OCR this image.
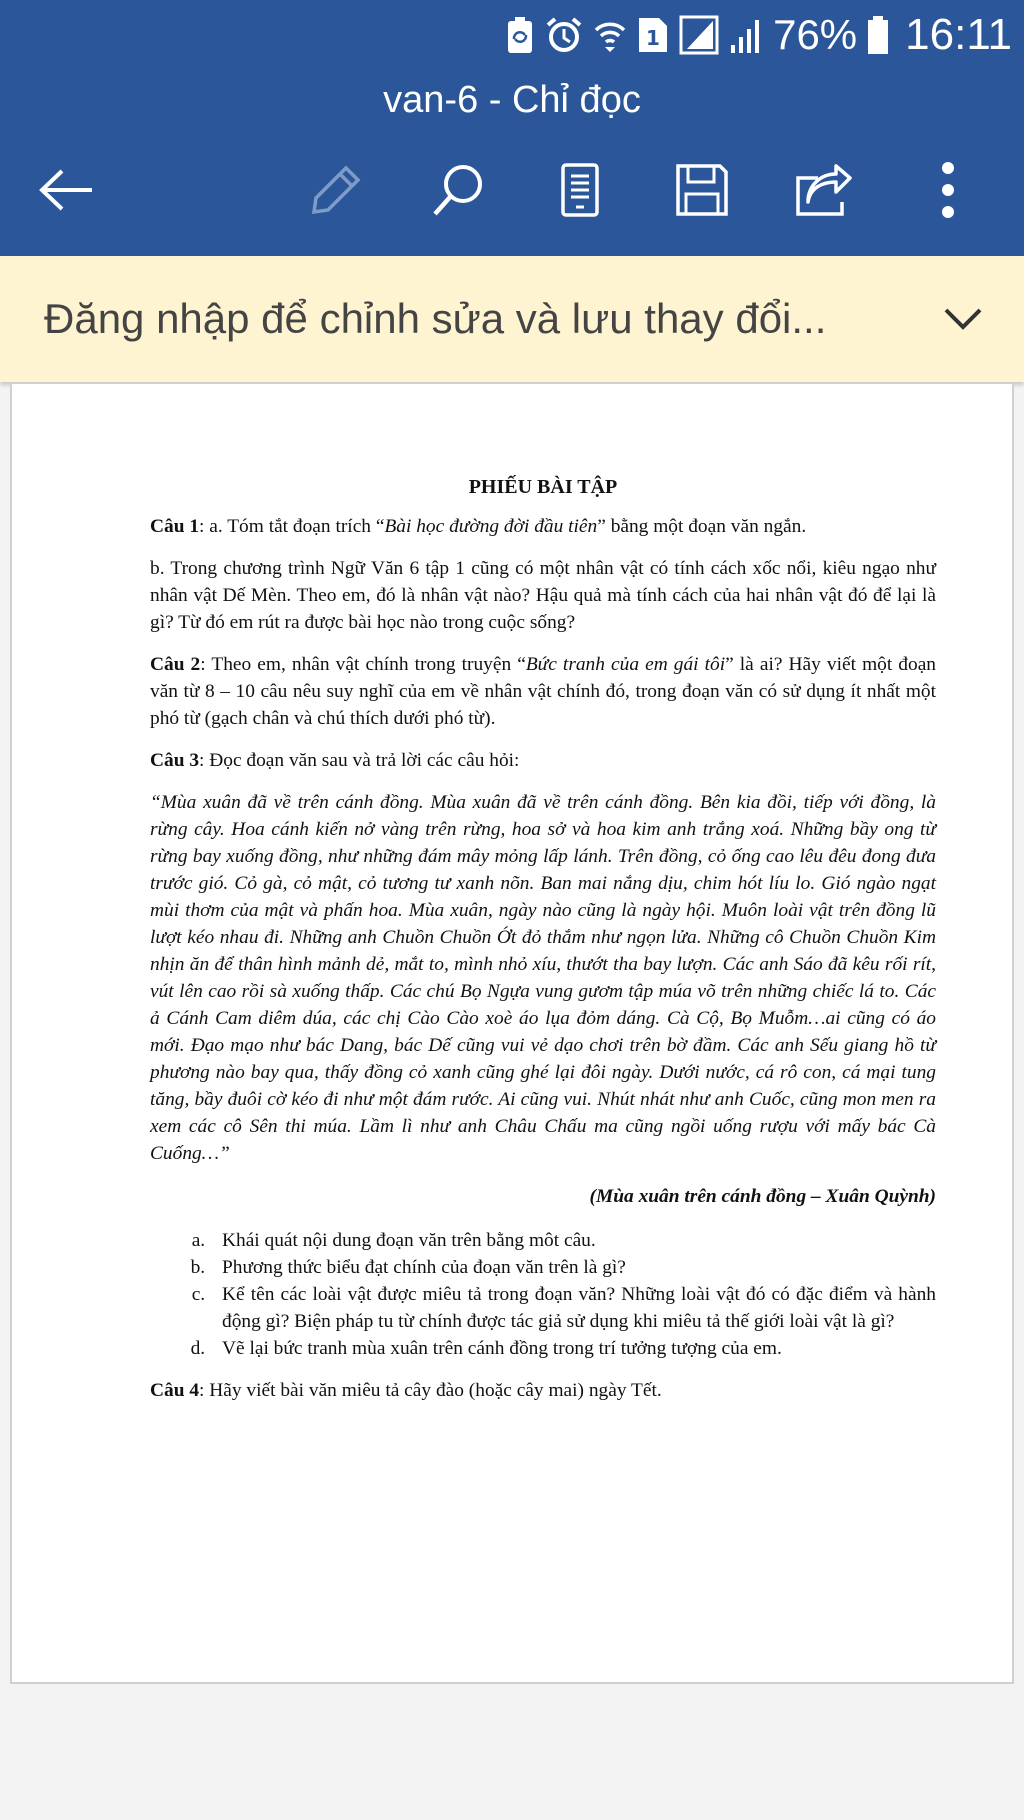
1	76% 16:11
van-6 - Chỉ đọc
Đăng nhập để chỉnh sửa và lưu thay đổi...

PHIẾU BÀI TẬP

Câu 1: a. Tóm tắt đoạn trích “Bài học đường đời đầu tiên” bằng một đoạn văn ngắn.

b. Trong chương trình Ngữ Văn 6 tập 1 cũng có một nhân vật có tính cách xốc nổi, kiêu ngạo như nhân vật Dế Mèn. Theo em, đó là nhân vật nào? Hậu quả mà tính cách của hai nhân vật đó để lại là gì? Từ đó em rút ra được bài học nào trong cuộc sống?

Câu 2: Theo em, nhân vật chính trong truyện “Bức tranh của em gái tôi” là ai? Hãy viết một đoạn văn từ 8 – 10 câu nêu suy nghĩ của em về nhân vật chính đó, trong đoạn văn có sử dụng ít nhất một phó từ (gạch chân và chú thích dưới phó từ).

Câu 3: Đọc đoạn văn sau và trả lời các câu hỏi:

“Mùa xuân đã về trên cánh đồng. Mùa xuân đã về trên cánh đồng. Bên kia đồi, tiếp với đồng, là rừng cây. Hoa cánh kiến nở vàng trên rừng, hoa sở và hoa kim anh trắng xoá. Những bầy ong từ rừng bay xuống đồng, như những đám mây mỏng lấp lánh. Trên đồng, cỏ ống cao lêu đêu đong đưa trước gió. Cỏ gà, cỏ mật, cỏ tương tư xanh nõn. Ban mai nắng dịu, chim hót líu lo. Gió ngào ngạt mùi thơm của mật và phấn hoa. Mùa xuân, ngày nào cũng là ngày hội. Muôn loài vật trên đồng lũ lượt kéo nhau đi. Những anh Chuồn Chuồn Ớt đỏ thắm như ngọn lửa. Những cô Chuồn Chuồn Kim nhịn ăn để thân hình mảnh dẻ, mắt to, mình nhỏ xíu, thướt tha bay lượn. Các anh Sáo đã kêu rối rít, vút lên cao rồi sà xuống thấp. Các chú Bọ Ngựa vung gươm tập múa võ trên những chiếc lá to. Các ả Cánh Cam diêm dúa, các chị Cào Cào xoè áo lụa đỏm dáng. Cà Cộ, Bọ Muỗm…ai cũng có áo mới. Đạo mạo như bác Dang, bác Dế cũng vui vẻ dạo chơi trên bờ đầm. Các anh Sếu giang hồ từ phương nào bay qua, thấy đồng cỏ xanh cũng ghé lại đôi ngày. Dưới nước, cá rô con, cá mại tung tăng, bầy đuôi cờ kéo đi như một đám rước. Ai cũng vui. Nhút nhát như anh Cuốc, cũng mon men ra xem các cô Sên thi múa. Lầm lì như anh Châu Chấu ma cũng ngồi uống rượu với mấy bác Cà Cuống…”

(Mùa xuân trên cánh đồng – Xuân Quỳnh)

a. Khái quát nội dung đoạn văn trên bằng môt câu.
b. Phương thức biểu đạt chính của đoạn văn trên là gì?
c. Kể tên các loài vật được miêu tả trong đoạn văn? Những loài vật đó có đặc điểm và hành động gì? Biện pháp tu từ chính được tác giả sử dụng khi miêu tả thế giới loài vật là gì?
d. Vẽ lại bức tranh mùa xuân trên cánh đồng trong trí tưởng tượng của em.

Câu 4: Hãy viết bài văn miêu tả cây đào (hoặc cây mai) ngày Tết.
